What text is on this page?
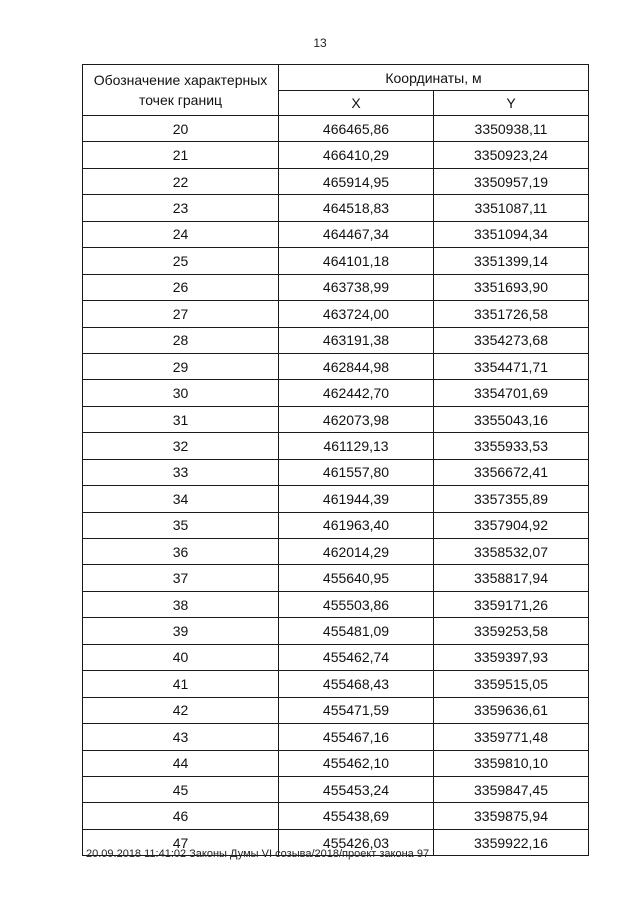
13
Обозначение характерных точек границ	Координаты, м	
	X	Y
20	466465,86	3350938,11
21	466410,29	3350923,24
22	465914,95	3350957,19
23	464518,83	3351087,11
24	464467,34	3351094,34
25	464101,18	3351399,14
26	463738,99	3351693,90
27	463724,00	3351726,58
28	463191,38	3354273,68
29	462844,98	3354471,71
30	462442,70	3354701,69
31	462073,98	3355043,16
32	461129,13	3355933,53
33	461557,80	3356672,41
34	461944,39	3357355,89
35	461963,40	3357904,92
36	462014,29	3358532,07
37	455640,95	3358817,94
38	455503,86	3359171,26
39	455481,09	3359253,58
40	455462,74	3359397,93
41	455468,43	3359515,05
42	455471,59	3359636,61
43	455467,16	3359771,48
44	455462,10	3359810,10
45	455453,24	3359847,45
46	455438,69	3359875,94
47	455426,03	3359922,16
20.09.2018 11:41:02 Законы Думы VI созыва/2018/проект закона 97
